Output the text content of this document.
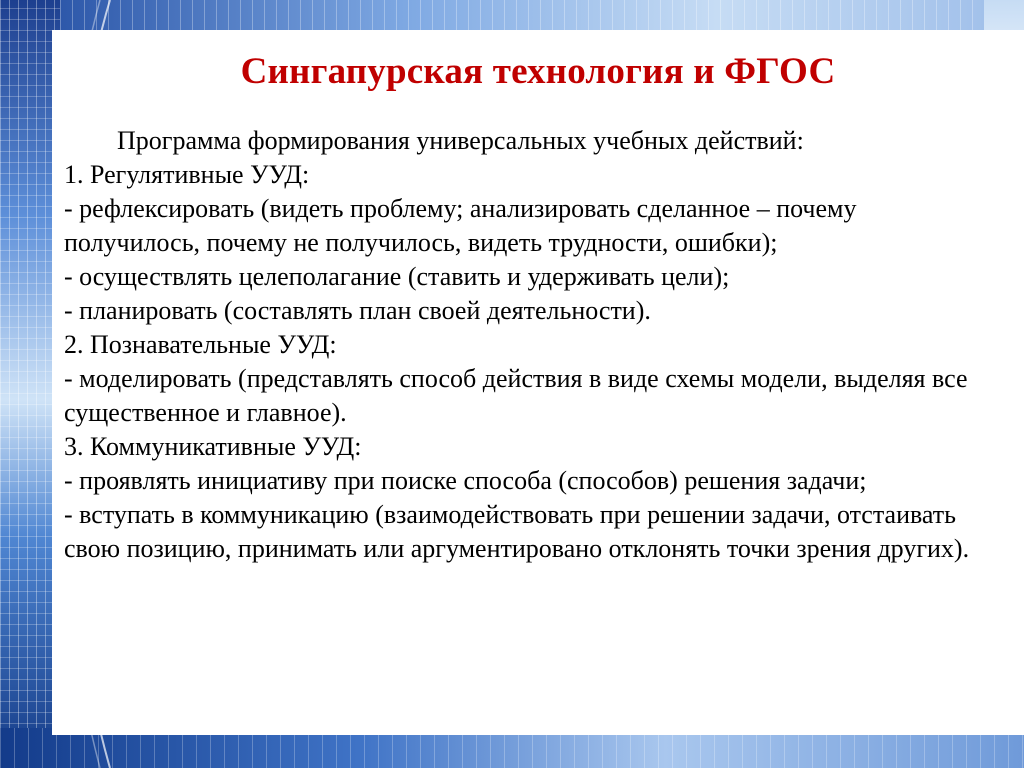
Сингапурская технология и ФГОС

Программа формирования универсальных учебных действий:

1. Регулятивные УУД:

- рефлексировать (видеть проблему; анализировать сделанное – почему получилось, почему не получилось, видеть трудности, ошибки);

- осуществлять целеполагание (ставить и удерживать цели);

- планировать (составлять план своей деятельности).

2. Познавательные УУД:

- моделировать (представлять способ действия в виде схемы модели, выделяя все существенное и главное).

3. Коммуникативные УУД:

- проявлять инициативу при поиске способа (способов) решения задачи;

- вступать в коммуникацию (взаимодействовать при решении задачи, отстаивать свою позицию, принимать или аргументировано отклонять точки зрения других).
